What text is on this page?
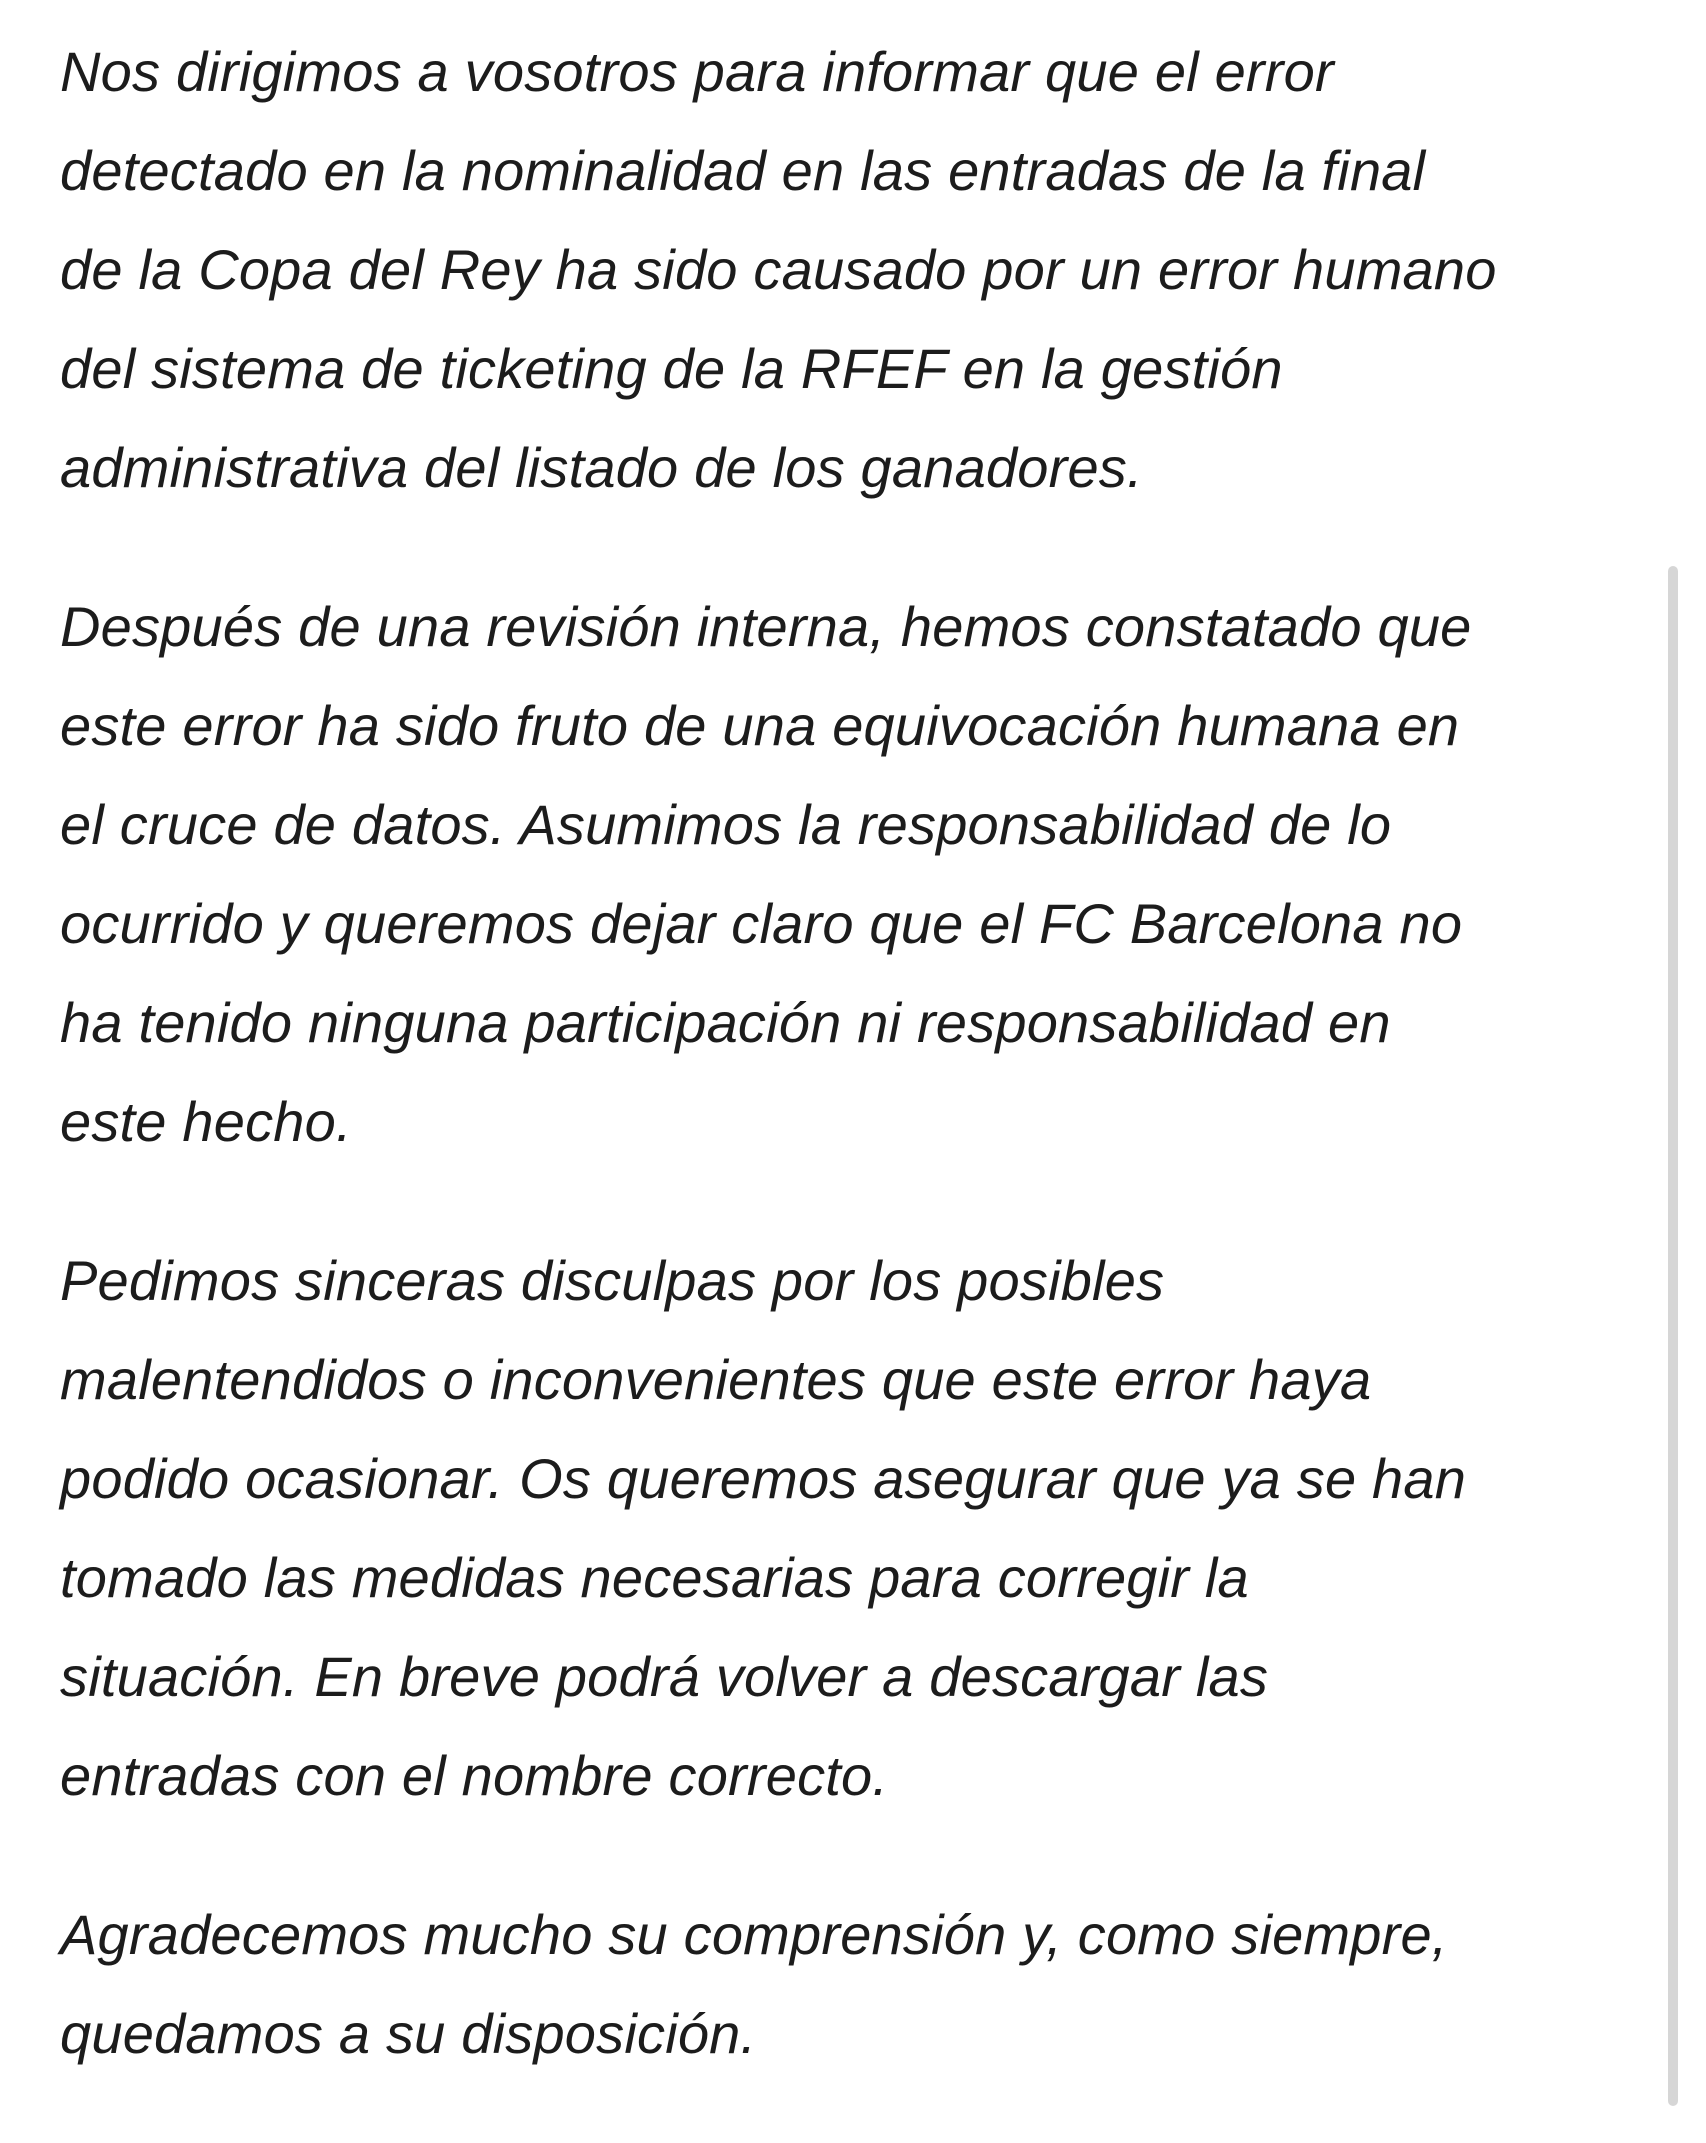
Nos dirigimos a vosotros para informar que el error
detectado en la nominalidad en las entradas de la final
de la Copa del Rey ha sido causado por un error humano
del sistema de ticketing de la RFEF en la gestión
administrativa del listado de los ganadores.

Después de una revisión interna, hemos constatado que
este error ha sido fruto de una equivocación humana en
el cruce de datos. Asumimos la responsabilidad de lo
ocurrido y queremos dejar claro que el FC Barcelona no
ha tenido ninguna participación ni responsabilidad en
este hecho.

Pedimos sinceras disculpas por los posibles
malentendidos o inconvenientes que este error haya
podido ocasionar. Os queremos asegurar que ya se han
tomado las medidas necesarias para corregir la
situación. En breve podrá volver a descargar las
entradas con el nombre correcto.

Agradecemos mucho su comprensión y, como siempre,
quedamos a su disposición.
